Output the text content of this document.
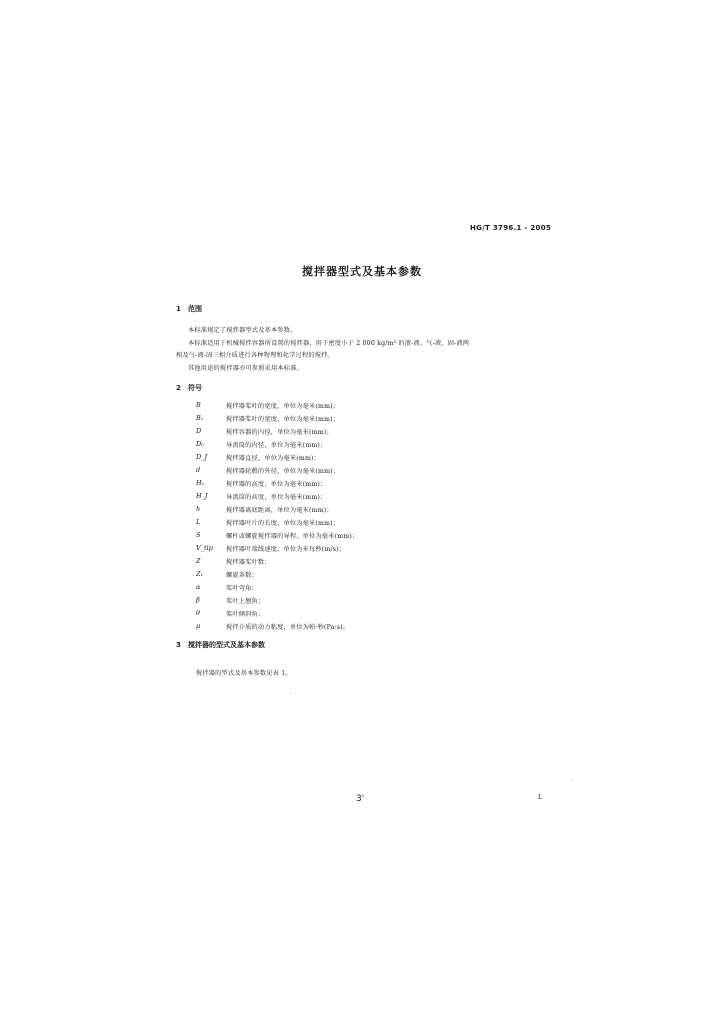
HG/T 3796.1 - 2005
搅拌器型式及基本参数
1 范围
本标准规定了搅拌器型式及基本参数。
本标准适用于机械搅拌容器所设置的搅拌器，用于密度小于 2 000 kg/m³ 的液-液、气-液、固-液两
相及气-液-固三相介质进行各种物理和化学过程的搅拌。
其他用途的搅拌器亦可参照采用本标准。
2 符号
B	搅拌器桨叶的宽度，单位为毫米(mm)；
B₁	搅拌器桨叶的宽度，单位为毫米(mm)；
D	搅拌容器的内径，单位为毫米(mm)；
D₀	导流筒的内径，单位为毫米(mm)；
D_J	搅拌器直径，单位为毫米(mm)；
d	搅拌器轮毂的外径，单位为毫米(mm)；
H₁	搅拌器的高度，单位为毫米(mm)；
H_J	导流筒的高度，单位为毫米(mm)；
h	搅拌器离底距离，单位为毫米(mm)；
L	搅拌器叶片的长度，单位为毫米(mm)；
S	螺杆或螺旋搅拌器的导程，单位为毫米(mm)；
V_tip 搅拌器叶端线速度，单位为米每秒(m/s)；
Z	搅拌器桨叶数；
Z₁	螺旋条数；
α	桨叶弯角；
β	桨叶上翘角；
θ	桨叶倾斜角；
μ	搅拌介质的动力粘度，单位为帕·秒(Pa·s)。
3 搅拌器的型式及基本参数
搅拌器的型式及基本参数见表 1。
3'	L
